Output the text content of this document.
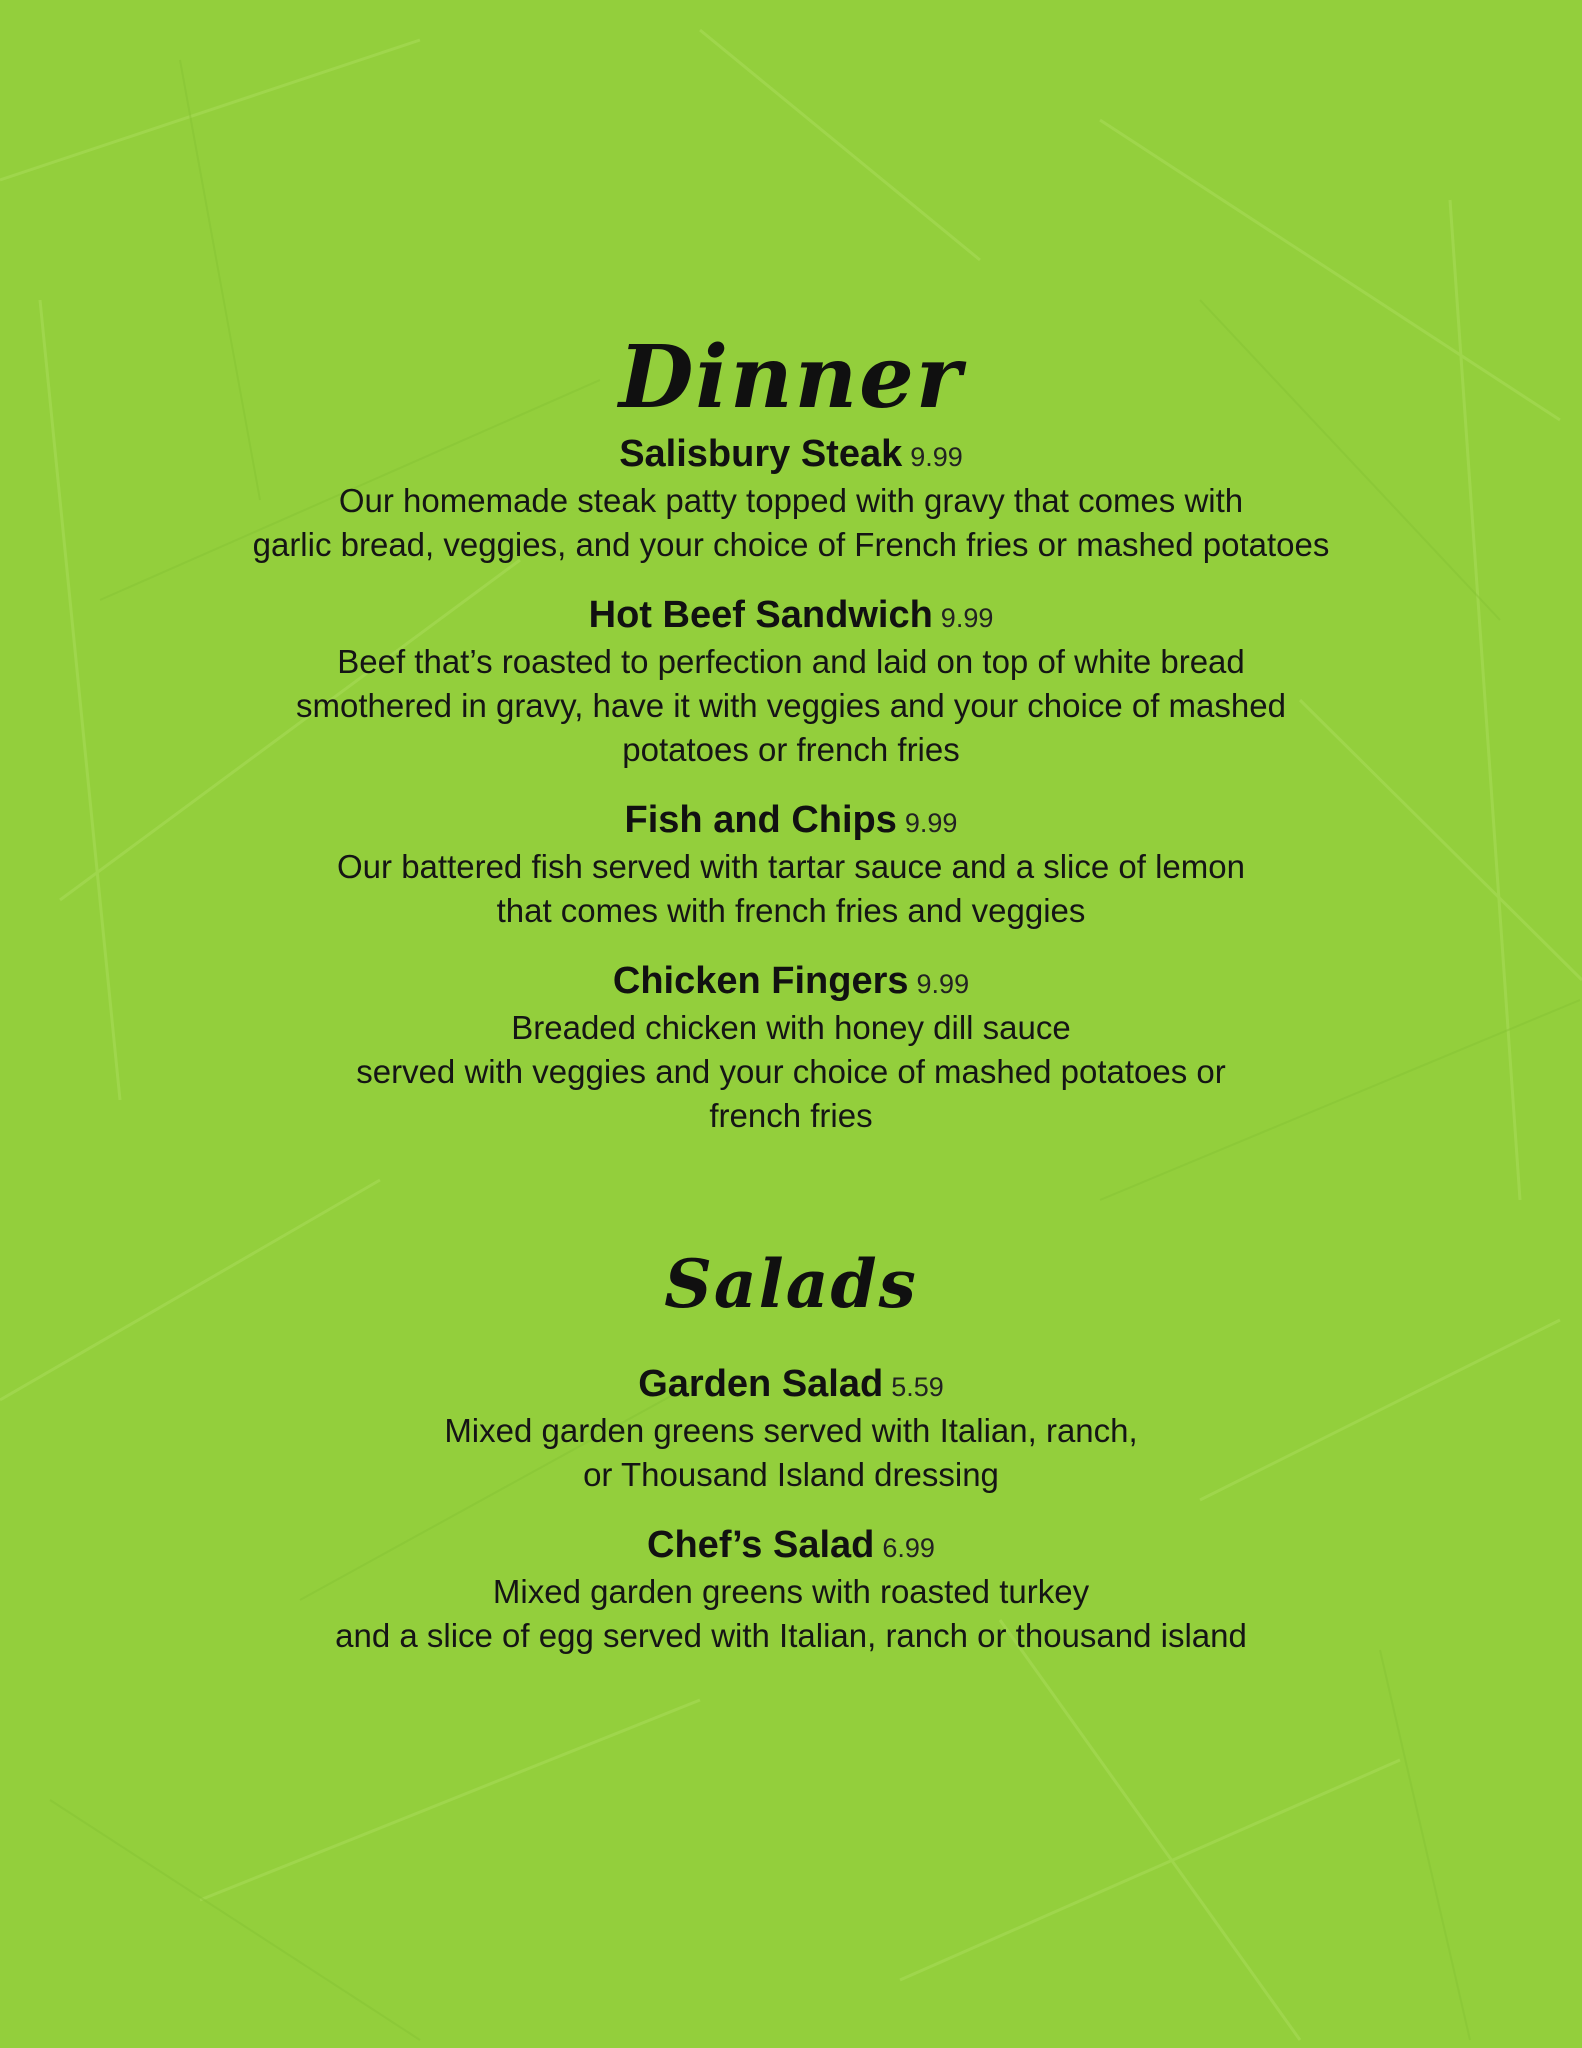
Dinner
Salisbury Steak 9.99
Our homemade steak patty topped with gravy that comes with
garlic bread, veggies, and your choice of French fries or mashed potatoes
Hot Beef Sandwich 9.99
Beef that’s roasted to perfection and laid on top of white bread
smothered in gravy, have it with veggies and your choice of mashed
potatoes or french fries
Fish and Chips 9.99
Our battered fish served with tartar sauce and a slice of lemon
that comes with french fries and veggies
Chicken Fingers 9.99
Breaded chicken with honey dill sauce
served with veggies and your choice of mashed potatoes or
french fries
Salads
Garden Salad 5.59
Mixed garden greens served with Italian, ranch,
or Thousand Island dressing
Chef’s Salad 6.99
Mixed garden greens with roasted turkey
and a slice of egg served with Italian, ranch or thousand island
